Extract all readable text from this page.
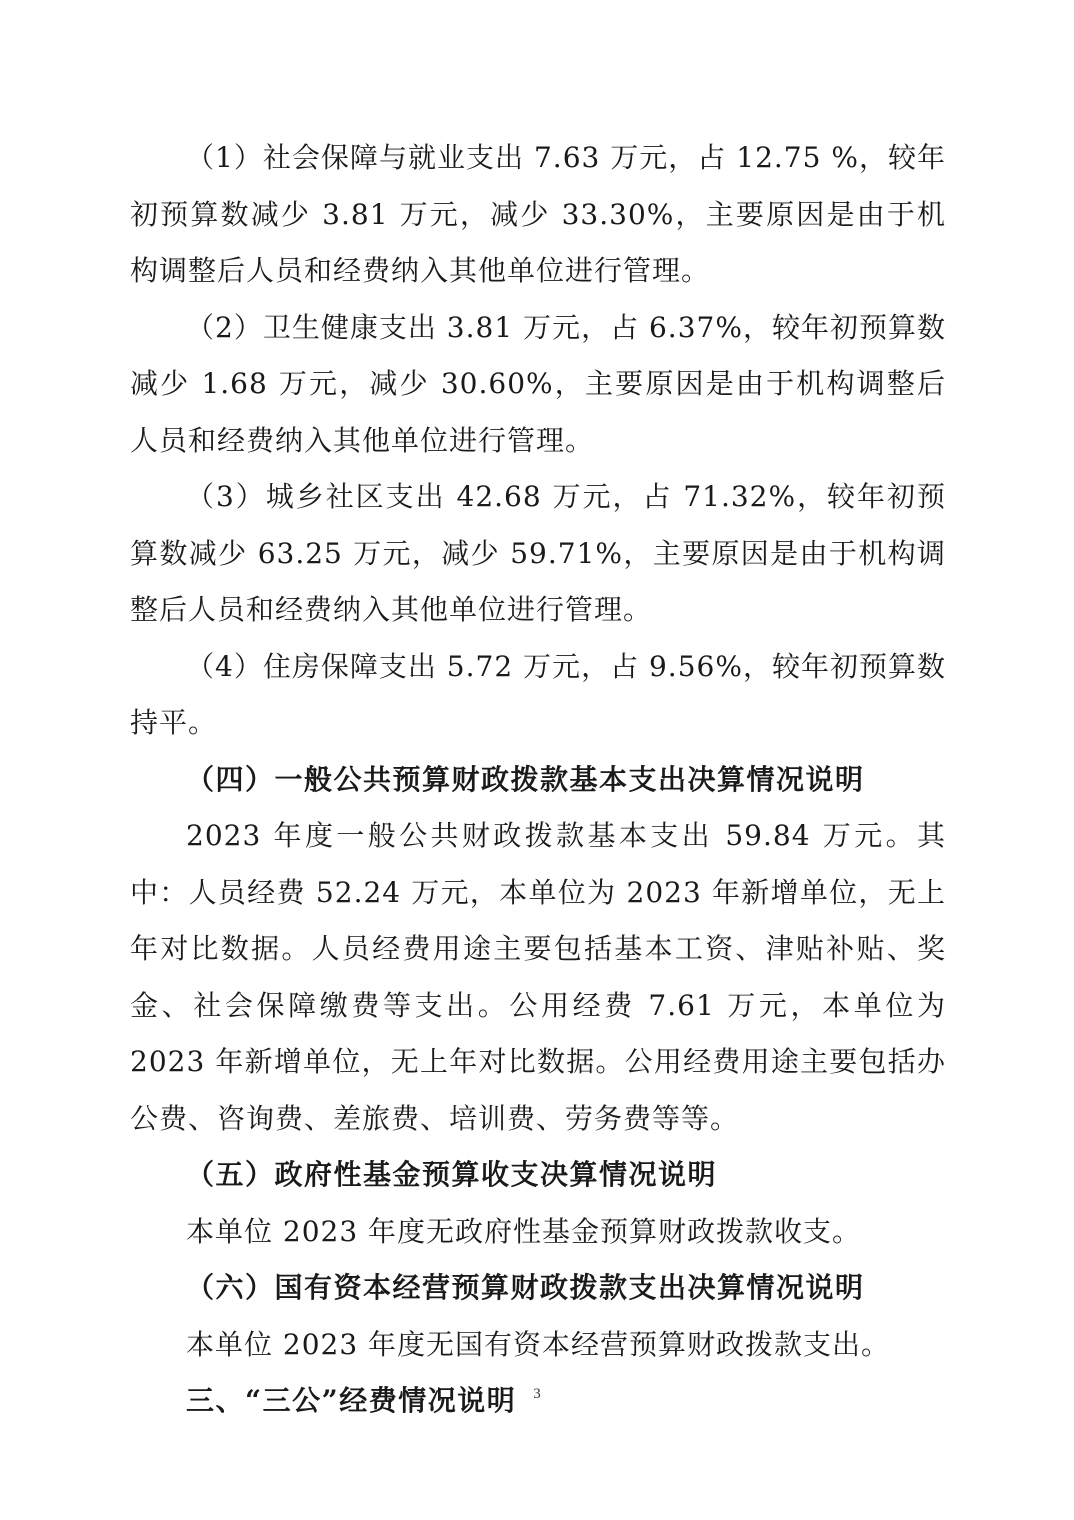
（1）社会保障与就业支出 7.63 万元，占 12.75 %，较年初预算数减少 3.81 万元，减少 33.30%，主要原因是由于机构调整后人员和经费纳入其他单位进行管理。

（2）卫生健康支出 3.81 万元，占 6.37%，较年初预算数减少 1.68 万元，减少 30.60%，主要原因是由于机构调整后人员和经费纳入其他单位进行管理。

（3）城乡社区支出 42.68 万元，占 71.32%，较年初预算数减少 63.25 万元，减少 59.71%，主要原因是由于机构调整后人员和经费纳入其他单位进行管理。

（4）住房保障支出 5.72 万元，占 9.56%，较年初预算数持平。

（四）一般公共预算财政拨款基本支出决算情况说明

2023 年度一般公共财政拨款基本支出 59.84 万元。其中：人员经费 52.24 万元，本单位为 2023 年新增单位，无上年对比数据。人员经费用途主要包括基本工资、津贴补贴、奖金、社会保障缴费等支出。公用经费 7.61 万元，本单位为 2023 年新增单位，无上年对比数据。公用经费用途主要包括办公费、咨询费、差旅费、培训费、劳务费等等。

（五）政府性基金预算收支决算情况说明

本单位 2023 年度无政府性基金预算财政拨款收支。

（六）国有资本经营预算财政拨款支出决算情况说明

本单位 2023 年度无国有资本经营预算财政拨款支出。

三、“三公”经费情况说明	3
